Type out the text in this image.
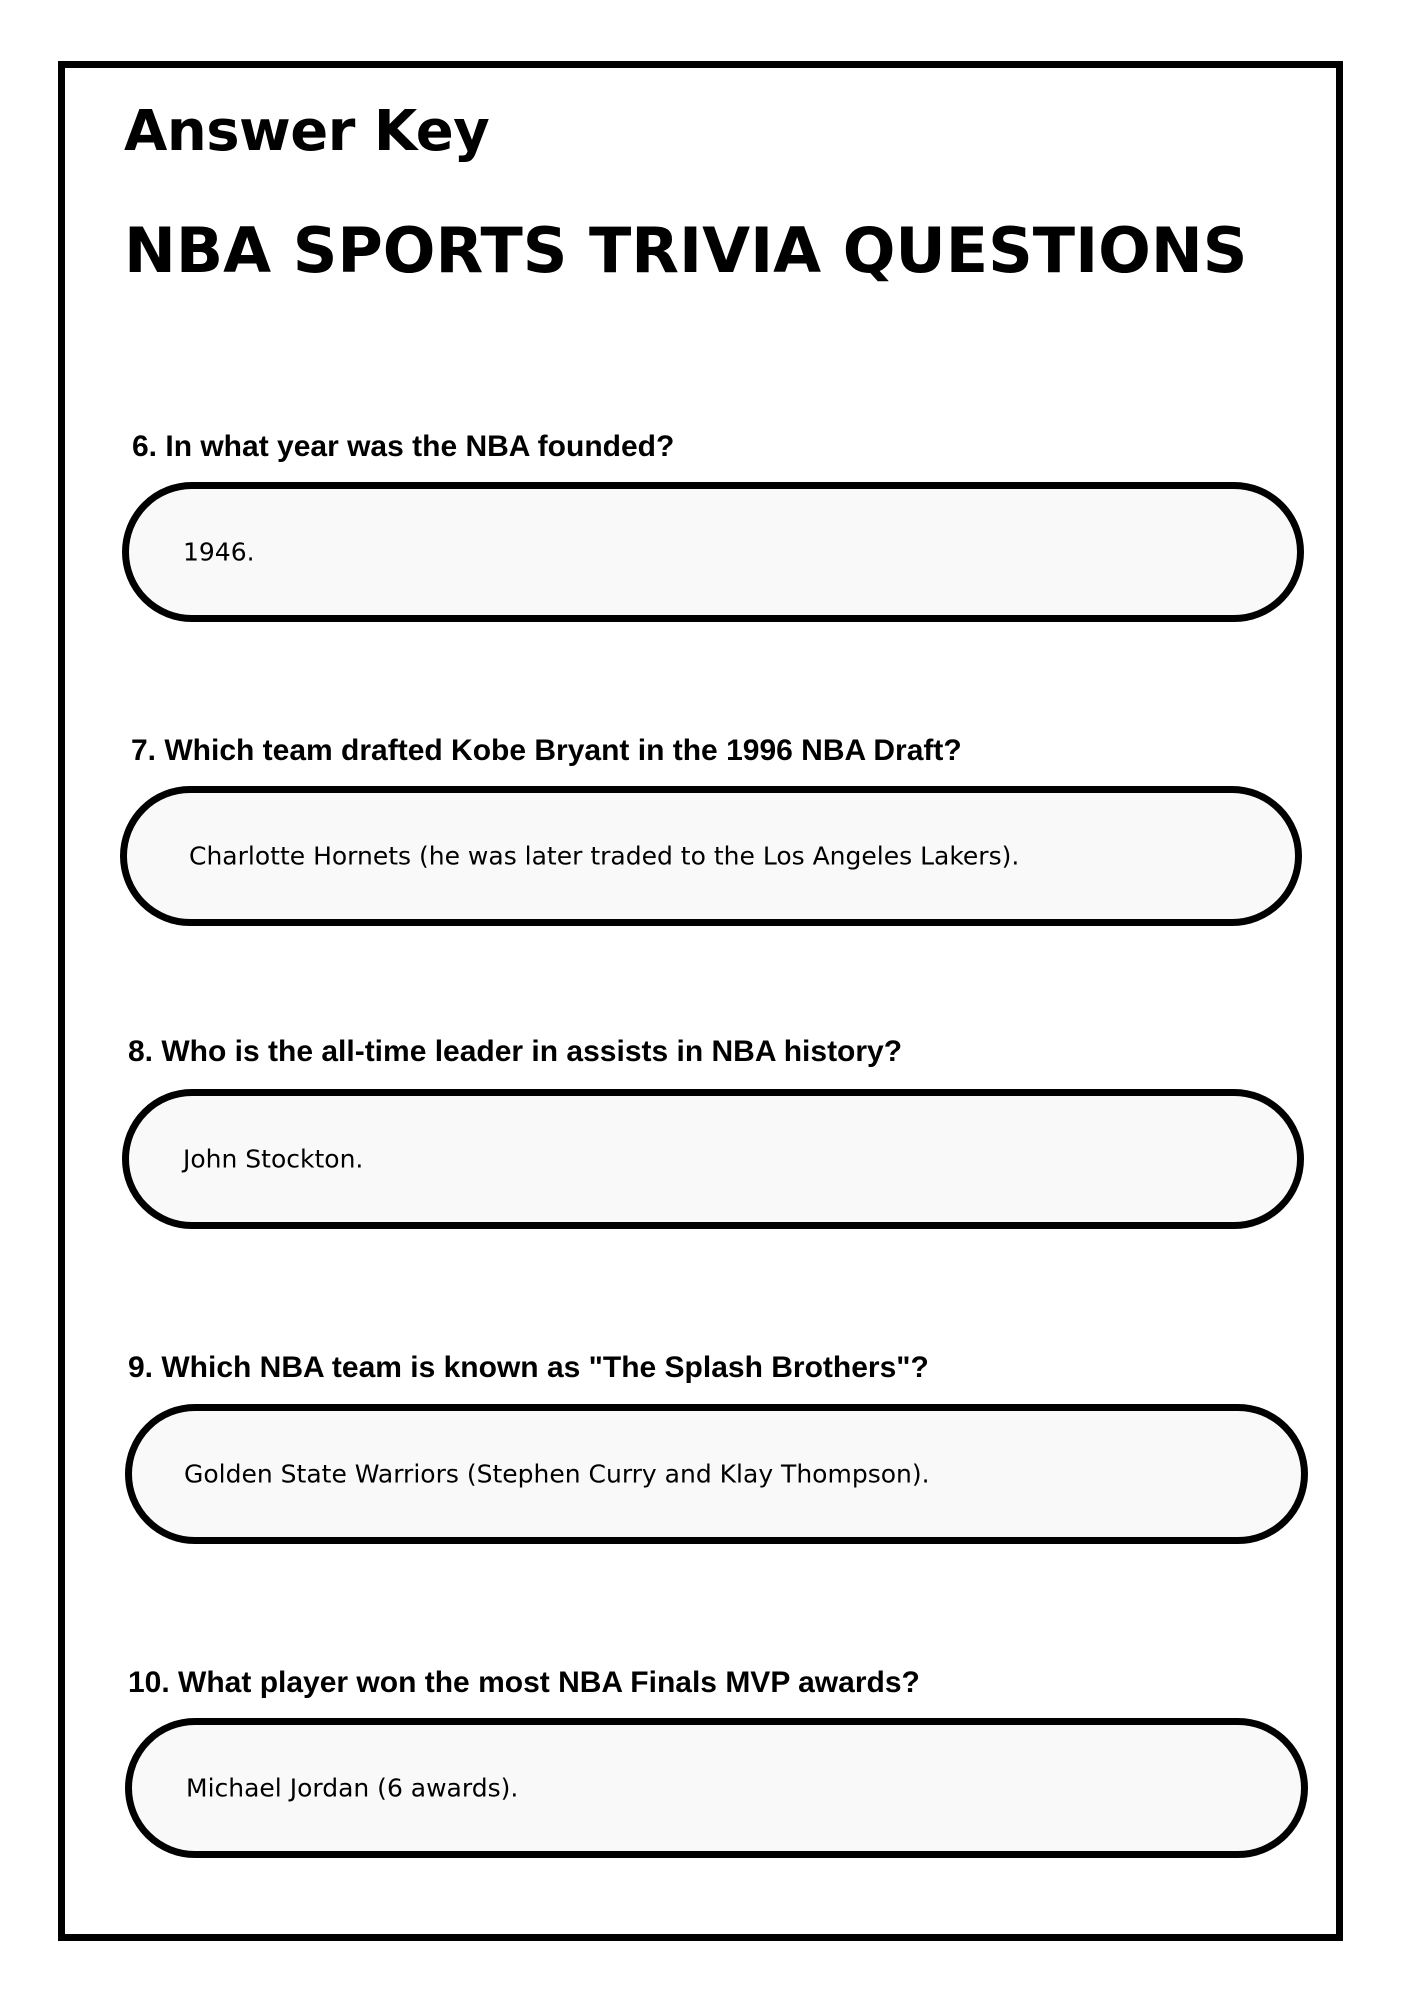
Answer Key
NBA SPORTS TRIVIA QUESTIONS
6. In what year was the NBA founded?
1946.
7. Which team drafted Kobe Bryant in the 1996 NBA Draft?
Charlotte Hornets (he was later traded to the Los Angeles Lakers).
8. Who is the all-time leader in assists in NBA history?
John Stockton.
9. Which NBA team is known as "The Splash Brothers"?
Golden State Warriors (Stephen Curry and Klay Thompson).
10. What player won the most NBA Finals MVP awards?
Michael Jordan (6 awards).
